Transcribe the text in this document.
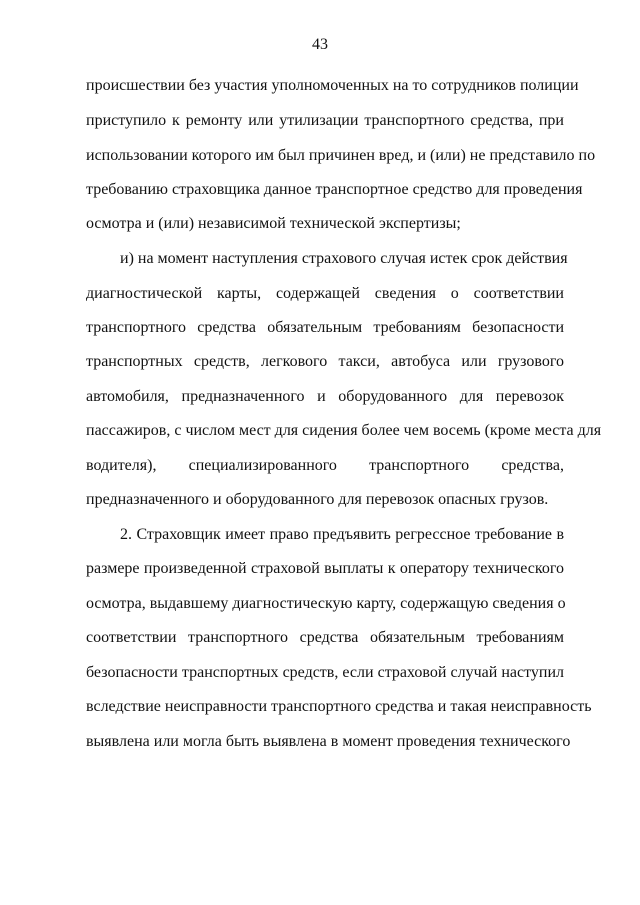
43
происшествии без участия уполномоченных на то сотрудников полиции
приступило к ремонту или утилизации транспортного средства, при
использовании которого им был причинен вред, и (или) не представило по
требованию страховщика данное транспортное средство для проведения
осмотра и (или) независимой технической экспертизы;
и) на момент наступления страхового случая истек срок действия
диагностической карты, содержащей сведения о соответствии
транспортного средства обязательным требованиям безопасности
транспортных средств, легкового такси, автобуса или грузового
автомобиля, предназначенного и оборудованного для перевозок
пассажиров, с числом мест для сидения более чем восемь (кроме места для
водителя), специализированного транспортного средства,
предназначенного и оборудованного для перевозок опасных грузов.
2. Страховщик имеет право предъявить регрессное требование в
размере произведенной страховой выплаты к оператору технического
осмотра, выдавшему диагностическую карту, содержащую сведения о
соответствии транспортного средства обязательным требованиям
безопасности транспортных средств, если страховой случай наступил
вследствие неисправности транспортного средства и такая неисправность
выявлена или могла быть выявлена в момент проведения технического
